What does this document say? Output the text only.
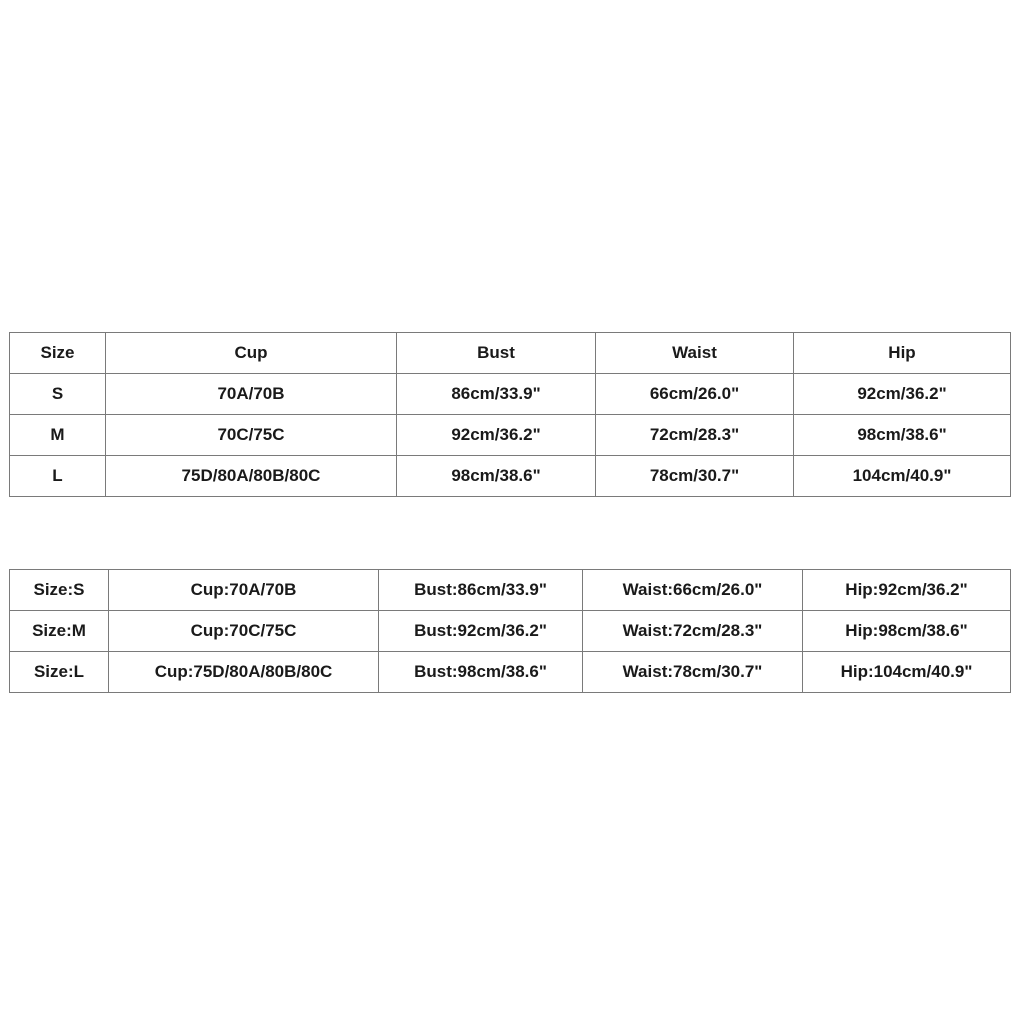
Size	Cup	Bust	Waist	Hip
S	70A/70B	86cm/33.9"	66cm/26.0"	92cm/36.2"
M	70C/75C	92cm/36.2"	72cm/28.3"	98cm/38.6"
L	75D/80A/80B/80C	98cm/38.6"	78cm/30.7"	104cm/40.9"
Size:S	Cup:70A/70B	Bust:86cm/33.9"	Waist:66cm/26.0"	Hip:92cm/36.2"
Size:M	Cup:70C/75C	Bust:92cm/36.2"	Waist:72cm/28.3"	Hip:98cm/38.6"
Size:L	Cup:75D/80A/80B/80C	Bust:98cm/38.6"	Waist:78cm/30.7"	Hip:104cm/40.9"
